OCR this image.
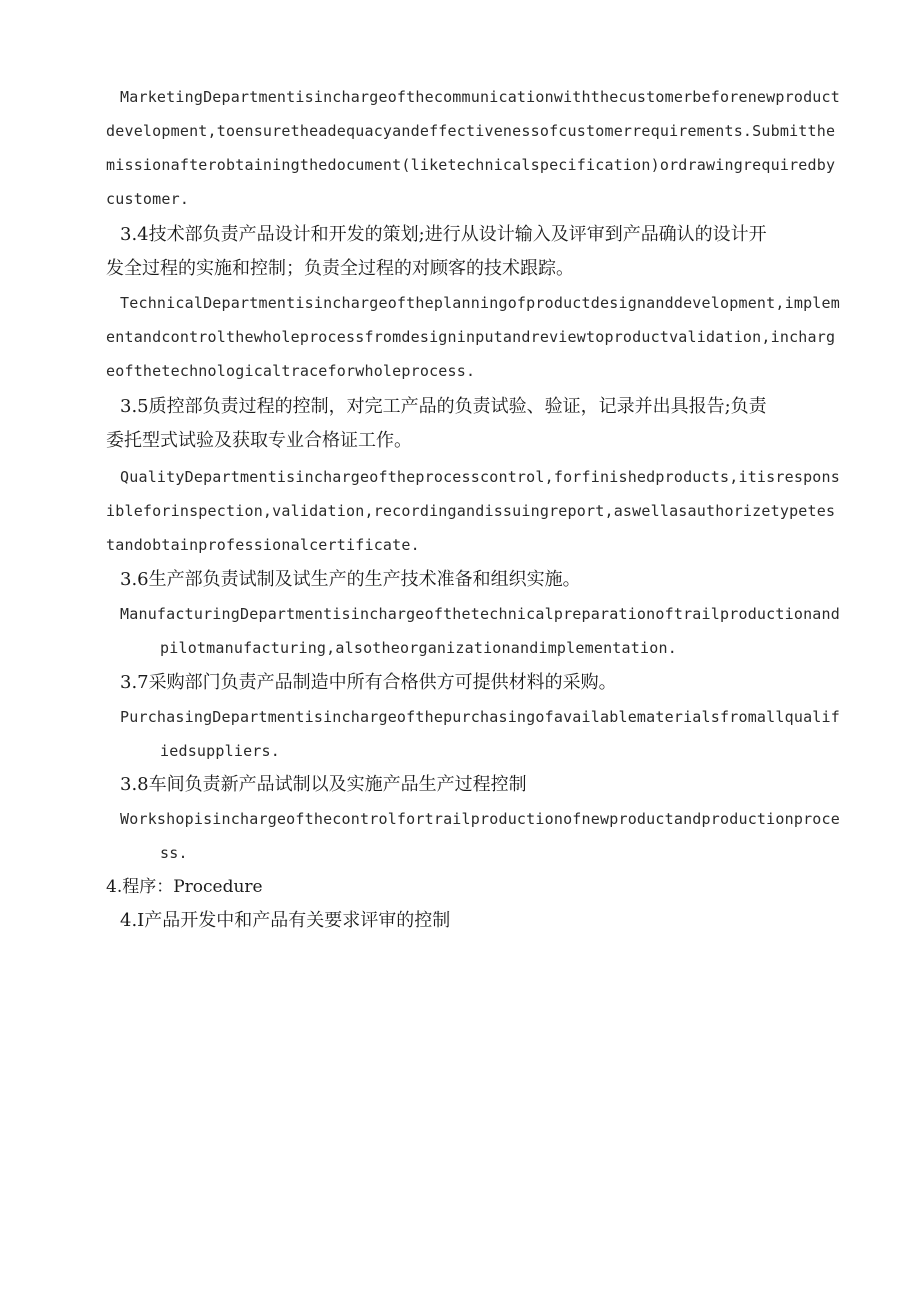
MarketingDepartmentisinchargeofthecommunicationwiththecustomerbeforenewproduct
development,toensuretheadequacyandeffectivenessofcustomerrequirements.Submitthe
missionafterobtainingthedocument(liketechnicalspecification)ordrawingrequiredby
customer.
3.4技术部负责产品设计和开发的策划;进行从设计输入及评审到产品确认的设计开
发全过程的实施和控制；负责全过程的对顾客的技术跟踪。
TechnicalDepartmentisinchargeoftheplanningofproductdesignanddevelopment,implem
entandcontrolthewholeprocessfromdesigninputandreviewtoproductvalidation,incharg
eofthetechnologicaltraceforwholeprocess.
3.5质控部负责过程的控制，对完工产品的负责试验、验证，记录并出具报告;负责
委托型式试验及获取专业合格证工作。
QualityDepartmentisinchargeoftheprocesscontrol,forfinishedproducts,itisrespons
ibleforinspection,validation,recordingandissuingreport,aswellasauthorizetypetes
tandobtainprofessionalcertificate.
3.6生产部负责试制及试生产的生产技术准备和组织实施。
ManufacturingDepartmentisinchargeofthetechnicalpreparationoftrailproductionand
pilotmanufacturing,alsotheorganizationandimplementation.
3.7采购部门负责产品制造中所有合格供方可提供材料的采购。
PurchasingDepartmentisinchargeofthepurchasingofavailablematerialsfromallqualif
iedsuppliers.
3.8车间负责新产品试制以及实施产品生产过程控制
Workshopisinchargeofthecontrolfortrailproductionofnewproductandproductionproce
ss.
4.程序：Procedure
4.I产品开发中和产品有关要求评审的控制
